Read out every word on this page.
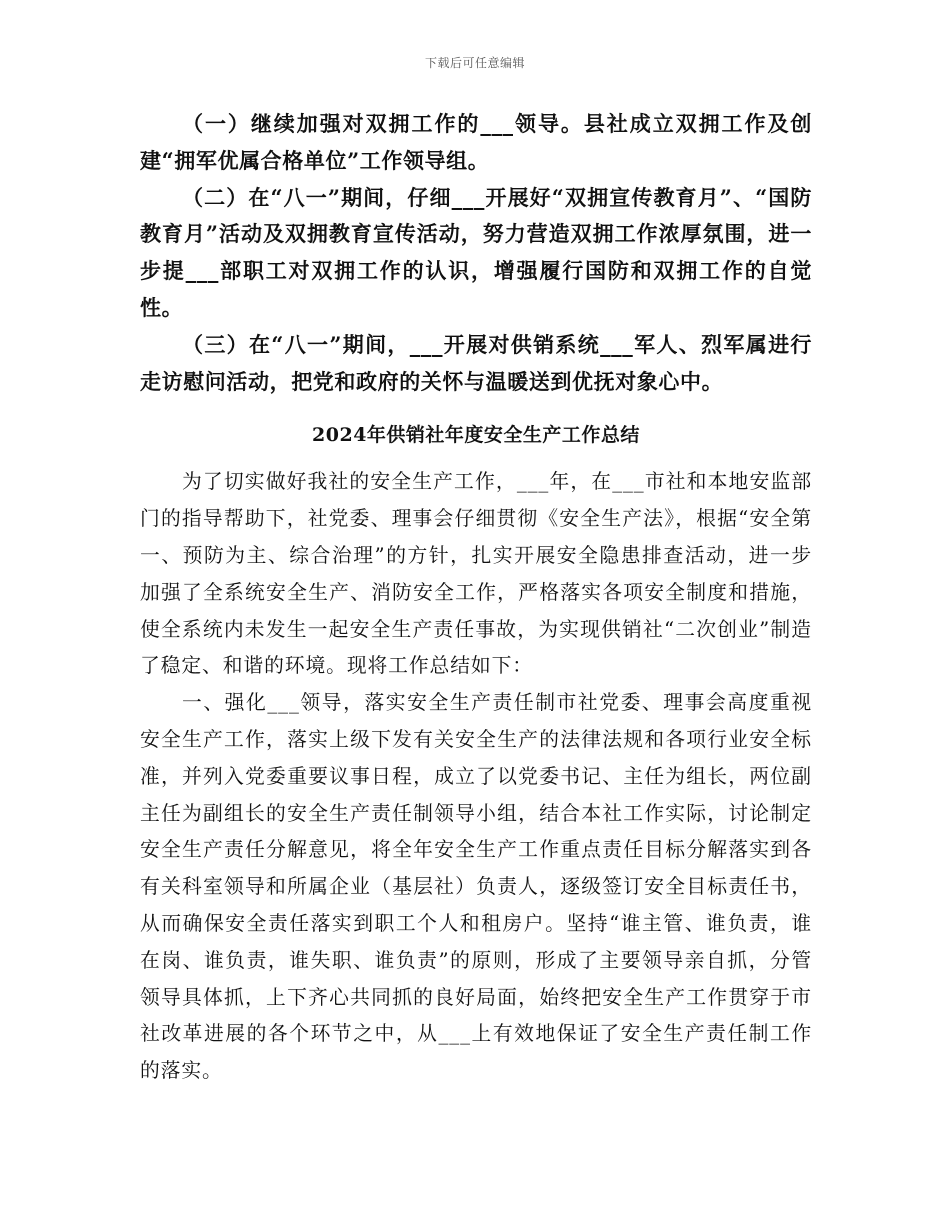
下载后可任意编辑

（一）继续加强对双拥工作的___领导。县社成立双拥工作及创建“拥军优属合格单位”工作领导组。

（二）在“八一”期间，仔细___开展好“双拥宣传教育月”、“国防教育月”活动及双拥教育宣传活动，努力营造双拥工作浓厚氛围，进一步提___部职工对双拥工作的认识，增强履行国防和双拥工作的自觉性。

（三）在“八一”期间，___开展对供销系统___军人、烈军属进行走访慰问活动，把党和政府的关怀与温暖送到优抚对象心中。

2024年供销社年度安全生产工作总结

为了切实做好我社的安全生产工作，___年，在___市社和本地安监部门的指导帮助下，社党委、理事会仔细贯彻《安全生产法》，根据“安全第一、预防为主、综合治理”的方针，扎实开展安全隐患排查活动，进一步加强了全系统安全生产、消防安全工作，严格落实各项安全制度和措施，使全系统内未发生一起安全生产责任事故，为实现供销社“二次创业”制造了稳定、和谐的环境。现将工作总结如下：

一、强化___领导，落实安全生产责任制市社党委、理事会高度重视安全生产工作，落实上级下发有关安全生产的法律法规和各项行业安全标准，并列入党委重要议事日程，成立了以党委书记、主任为组长，两位副主任为副组长的安全生产责任制领导小组，结合本社工作实际，讨论制定安全生产责任分解意见，将全年安全生产工作重点责任目标分解落实到各有关科室领导和所属企业（基层社）负责人，逐级签订安全目标责任书，从而确保安全责任落实到职工个人和租房户。坚持“谁主管、谁负责，谁在岗、谁负责，谁失职、谁负责”的原则，形成了主要领导亲自抓，分管领导具体抓，上下齐心共同抓的良好局面，始终把安全生产工作贯穿于市社改革进展的各个环节之中，从___上有效地保证了安全生产责任制工作的落实。
